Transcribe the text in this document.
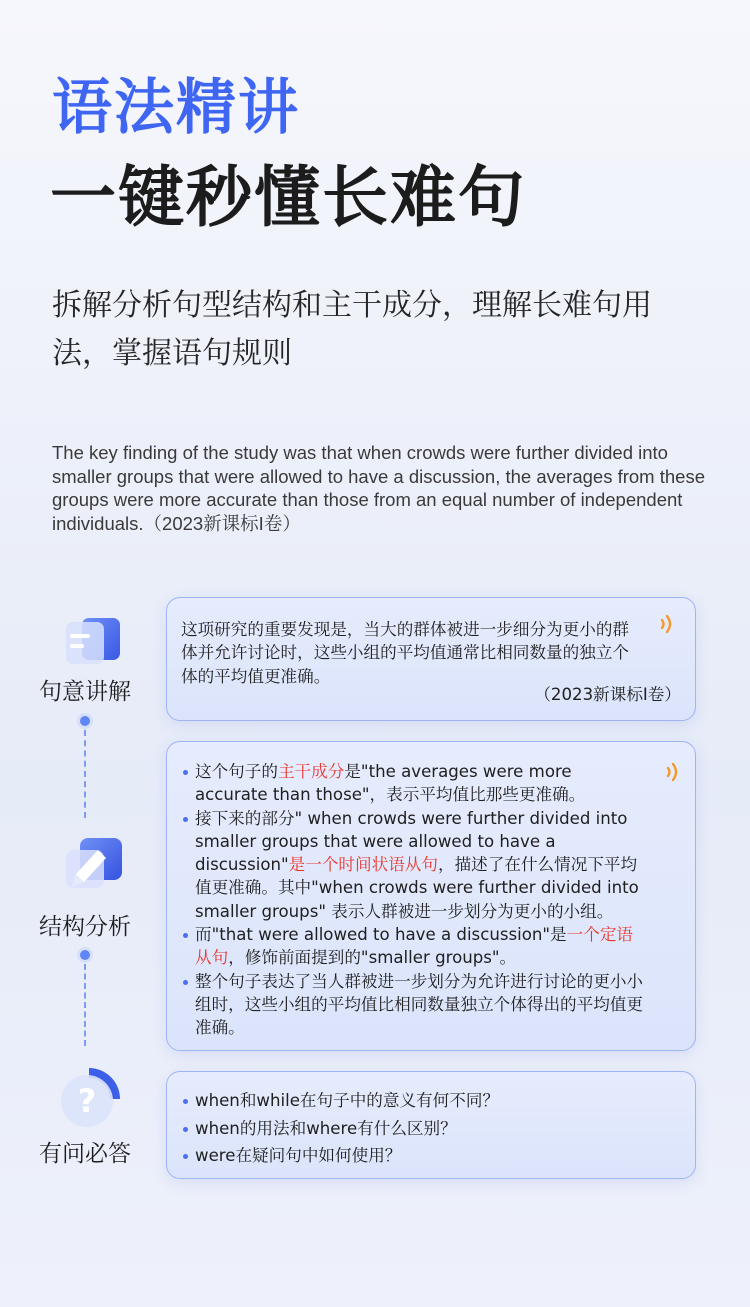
语法精讲
一键秒懂长难句

拆解分析句型结构和主干成分，理解长难句用法，掌握语句规则

The key finding of the study was that when crowds were further divided into smaller groups that were allowed to have a discussion, the averages from these groups were more accurate than those from an equal number of independent individuals.（2023新课标I卷）

句意讲解

结构分析

?

有问必答

这项研究的重要发现是，当大的群体被进一步细分为更小的群体并允许讨论时，这些小组的平均值通常比相同数量的独立个体的平均值更准确。

（2023新课标I卷）

这个句子的主干成分是"the averages were more accurate than those"，表示平均值比那些更准确。
接下来的部分" when crowds were further divided into smaller groups that were allowed to have a discussion"是一个时间状语从句，描述了在什么情况下平均值更准确。其中"when crowds were further divided into smaller groups" 表示人群被进一步划分为更小的小组。
而"that were allowed to have a discussion"是一个定语从句，修饰前面提到的"smaller groups"。
整个句子表达了当人群被进一步划分为允许进行讨论的更小小组时，这些小组的平均值比相同数量独立个体得出的平均值更准确。
when和while在句子中的意义有何不同？
when的用法和where有什么区别？
were在疑问句中如何使用？
